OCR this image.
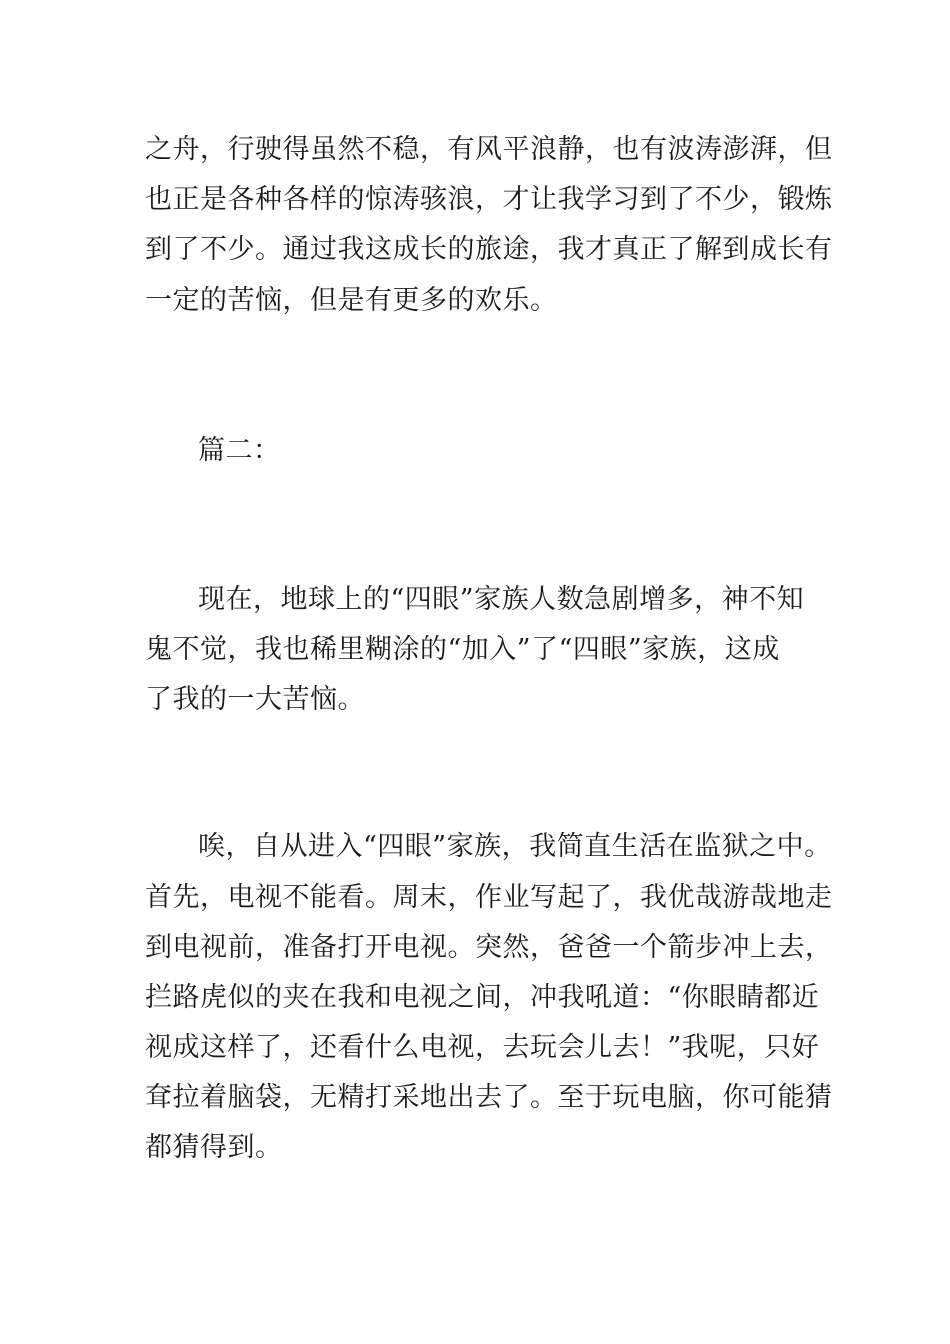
之舟，行驶得虽然不稳，有风平浪静，也有波涛澎湃，但
也正是各种各样的惊涛骇浪，才让我学习到了不少，锻炼
到了不少。通过我这成长的旅途，我才真正了解到成长有
一定的苦恼，但是有更多的欢乐。
篇二：
现在，地球上的“四眼”家族人数急剧增多，神不知
鬼不觉，我也稀里糊涂的“加入”了“四眼”家族，这成
了我的一大苦恼。
唉，自从进入“四眼”家族，我简直生活在监狱之中。
首先，电视不能看。周末，作业写起了，我优哉游哉地走
到电视前，准备打开电视。突然，爸爸一个箭步冲上去，
拦路虎似的夹在我和电视之间，冲我吼道：“你眼睛都近
视成这样了，还看什么电视，去玩会儿去！”我呢，只好
耷拉着脑袋，无精打采地出去了。至于玩电脑，你可能猜
都猜得到。
